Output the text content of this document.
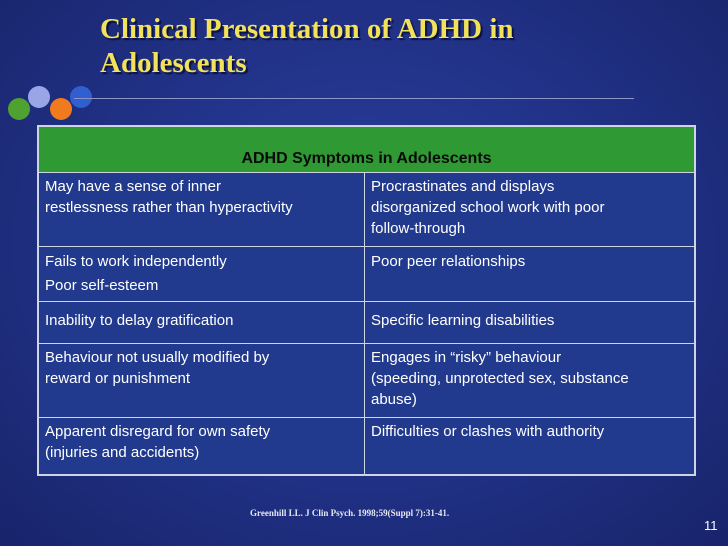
Clinical Presentation of ADHD in
Adolescents
ADHD Symptoms in Adolescents
May have a sense of inner
restlessness rather than hyperactivity
Procrastinates and displays
disorganized school work with poor
follow-through
Fails to work independently
Poor self-esteem
Poor peer relationships
Inability to delay gratification	Specific learning disabilities
Behaviour not usually modified by
reward or punishment
Engages in “risky” behaviour
(speeding, unprotected sex, substance
abuse)
Apparent disregard for own safety
(injuries and accidents)
Difficulties or clashes with authority
Greenhill LL. J Clin Psych. 1998;59(Suppl 7):31-41.
11
